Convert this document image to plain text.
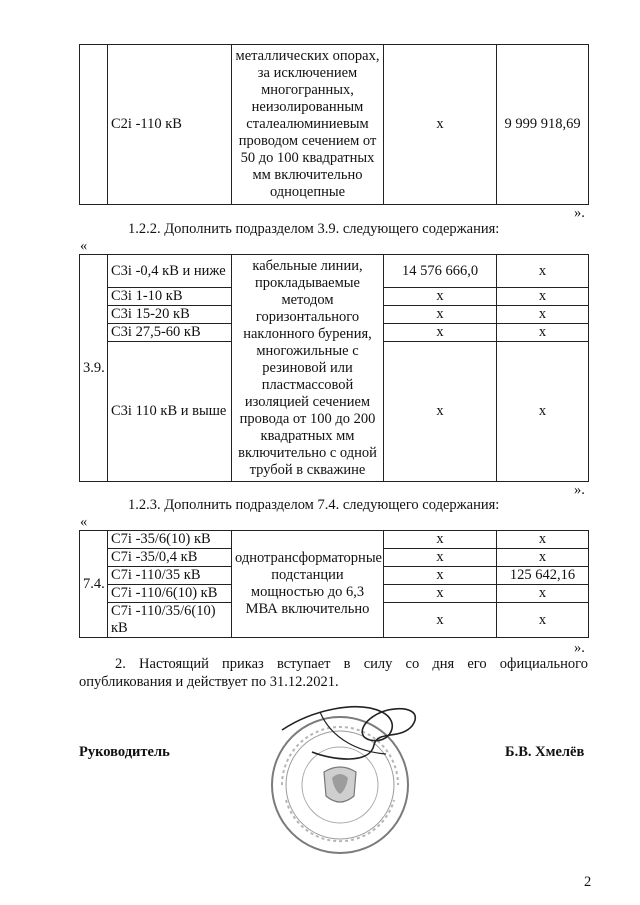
	С2i -110 кВ	металлических опорах, за исключением многогранных, неизолированным сталеалюминиевым проводом сечением от 50 до 100 квадратных мм включительно одноцепные	x	9 999 918,69
».
1.2.2. Дополнить подразделом 3.9. следующего содержания:
«
3.9.	С3i -0,4 кВ и ниже	кабельные линии, прокладываемые методом горизонтального наклонного бурения, многожильные с резиновой или пластмассовой изоляцией сечением провода от 100 до 200 квадратных мм включительно с одной трубой в скважине	14 576 666,0	x
	С3i 1-10 кВ		x	x
	С3i 15-20 кВ		x	x
	С3i 27,5-60 кВ		x	x
	С3i 110 кВ и выше		x	x
».
1.2.3. Дополнить подразделом 7.4. следующего содержания:
«
7.4.	С7i -35/6(10) кВ	однотрансформаторные подстанции мощностью до 6,3 МВА включительно	x	x
	С7i -35/0,4 кВ		x	x
	С7i -110/35 кВ		x	125 642,16
	С7i -110/6(10) кВ		x	x
	С7i -110/35/6(10) кВ		x	x
».
2. Настоящий приказ вступает в силу со дня его официального опубликования и действует по 31.12.2021.
Руководитель	Б.В. Хмелёв
2
